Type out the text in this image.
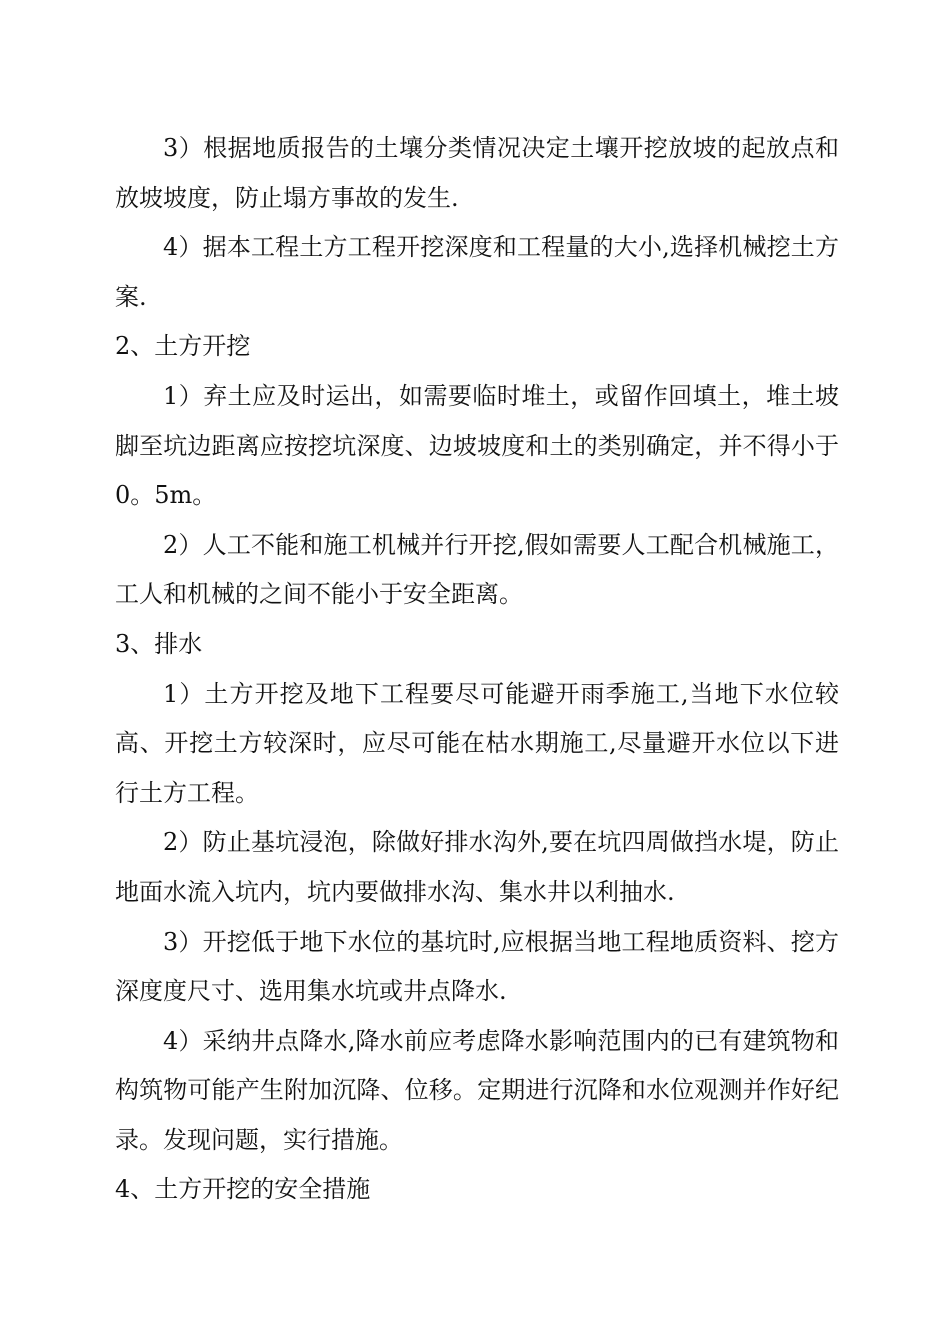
3）根据地质报告的土壤分类情况决定土壤开挖放坡的起放点和放坡坡度，防止塌方事故的发生.

4）据本工程土方工程开挖深度和工程量的大小,选择机械挖土方案.

2、土方开挖

1）弃土应及时运出，如需要临时堆土，或留作回填土，堆土坡脚至坑边距离应按挖坑深度、边坡坡度和土的类别确定，并不得小于0。5m。

2）人工不能和施工机械并行开挖,假如需要人工配合机械施工，工人和机械的之间不能小于安全距离。

3、排水

1）土方开挖及地下工程要尽可能避开雨季施工,当地下水位较高、开挖土方较深时，应尽可能在枯水期施工,尽量避开水位以下进行土方工程。

2）防止基坑浸泡，除做好排水沟外,要在坑四周做挡水堤，防止地面水流入坑内，坑内要做排水沟、集水井以利抽水.

3）开挖低于地下水位的基坑时,应根据当地工程地质资料、挖方深度度尺寸、选用集水坑或井点降水.

4）采纳井点降水,降水前应考虑降水影响范围内的已有建筑物和构筑物可能产生附加沉降、位移。定期进行沉降和水位观测并作好纪录。发现问题，实行措施。

4、土方开挖的安全措施
